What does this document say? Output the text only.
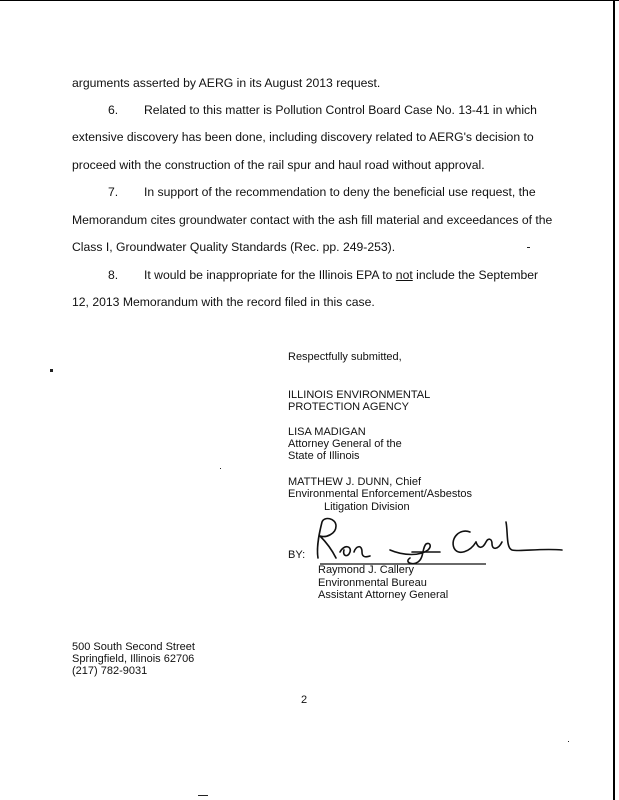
arguments asserted by AERG in its August 2013 request.
6. Related to this matter is Pollution Control Board Case No. 13-41 in which
extensive discovery has been done, including discovery related to AERG's decision to
proceed with the construction of the rail spur and haul road without approval.
7. In support of the recommendation to deny the beneficial use request, the
Memorandum cites groundwater contact with the ash fill material and exceedances of the
Class I, Groundwater Quality Standards (Rec. pp. 249-253).
8. It would be inappropriate for the Illinois EPA to not include the September
12, 2013 Memorandum with the record filed in this case.
Respectfully submitted,
ILLINOIS ENVIRONMENTAL
PROTECTION AGENCY
LISA MADIGAN
Attorney General of the
State of Illinois
MATTHEW J. DUNN, Chief
Environmental Enforcement/Asbestos
Litigation Division
BY:
Raymond J. Callery
Environmental Bureau
Assistant Attorney General
500 South Second Street
Springfield, Illinois 62706
(217) 782-9031
2
